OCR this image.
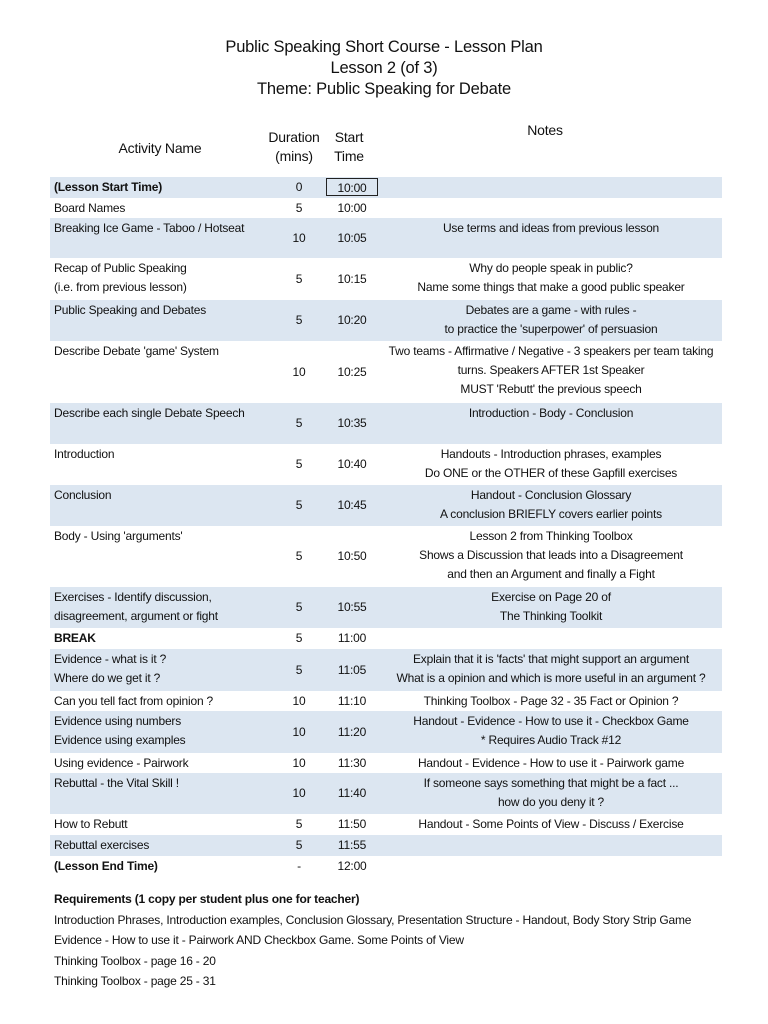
Public Speaking Short Course - Lesson Plan
Lesson 2 (of 3)
Theme: Public Speaking for Debate
Activity Name
Duration
(mins)
Start
Time
Notes
(Lesson Start Time)	0	10:00	

Board Names	5	10:00	

Breaking Ice Game - Taboo / Hotseat	10	10:05	Use terms and ideas from previous lesson

Recap of Public Speaking
(i.e. from previous lesson)	5	10:15	Why do people speak in public?
Name some things that make a good public speaker

Public Speaking and Debates	5	10:20	Debates are a game - with rules -
to practice the 'superpower' of persuasion

Describe Debate 'game' System	10	10:25	Two teams - Affirmative / Negative - 3 speakers per team taking
turns. Speakers AFTER 1st Speaker
MUST 'Rebutt' the previous speech

Describe each single Debate Speech	5	10:35	Introduction - Body - Conclusion

Introduction	5	10:40	Handouts - Introduction phrases, examples
Do ONE or the OTHER of these Gapfill exercises

Conclusion	5	10:45	Handout - Conclusion Glossary
A conclusion BRIEFLY covers earlier points

Body - Using 'arguments'	5	10:50	Lesson 2 from Thinking Toolbox
Shows a Discussion that leads into a Disagreement
and then an Argument and finally a Fight

Exercises - Identify discussion,
disagreement, argument or fight	5	10:55	Exercise on Page 20 of
The Thinking Toolkit

BREAK	5	11:00	

Evidence - what is it ?
Where do we get it ?	5	11:05	Explain that it is 'facts' that might support an argument
What is a opinion and which is more useful in an argument ?

Can you tell fact from opinion ?	10	11:10	Thinking Toolbox - Page 32 - 35 Fact or Opinion ?

Evidence using numbers
Evidence using examples	10	11:20	Handout - Evidence - How to use it - Checkbox Game
* Requires Audio Track #12

Using evidence - Pairwork	10	11:30	Handout - Evidence - How to use it - Pairwork game

Rebuttal - the Vital Skill !	10	11:40	If someone says something that might be a fact ...
how do you deny it ?

How to Rebutt	5	11:50	Handout - Some Points of View - Discuss / Exercise

Rebuttal exercises	5	11:55	

(Lesson End Time)	-	12:00	
Requirements (1 copy per student plus one for teacher)
Introduction Phrases, Introduction examples, Conclusion Glossary, Presentation Structure - Handout, Body Story Strip Game
Evidence - How to use it - Pairwork AND Checkbox Game. Some Points of View
Thinking Toolbox - page 16 - 20
Thinking Toolbox - page 25 - 31
